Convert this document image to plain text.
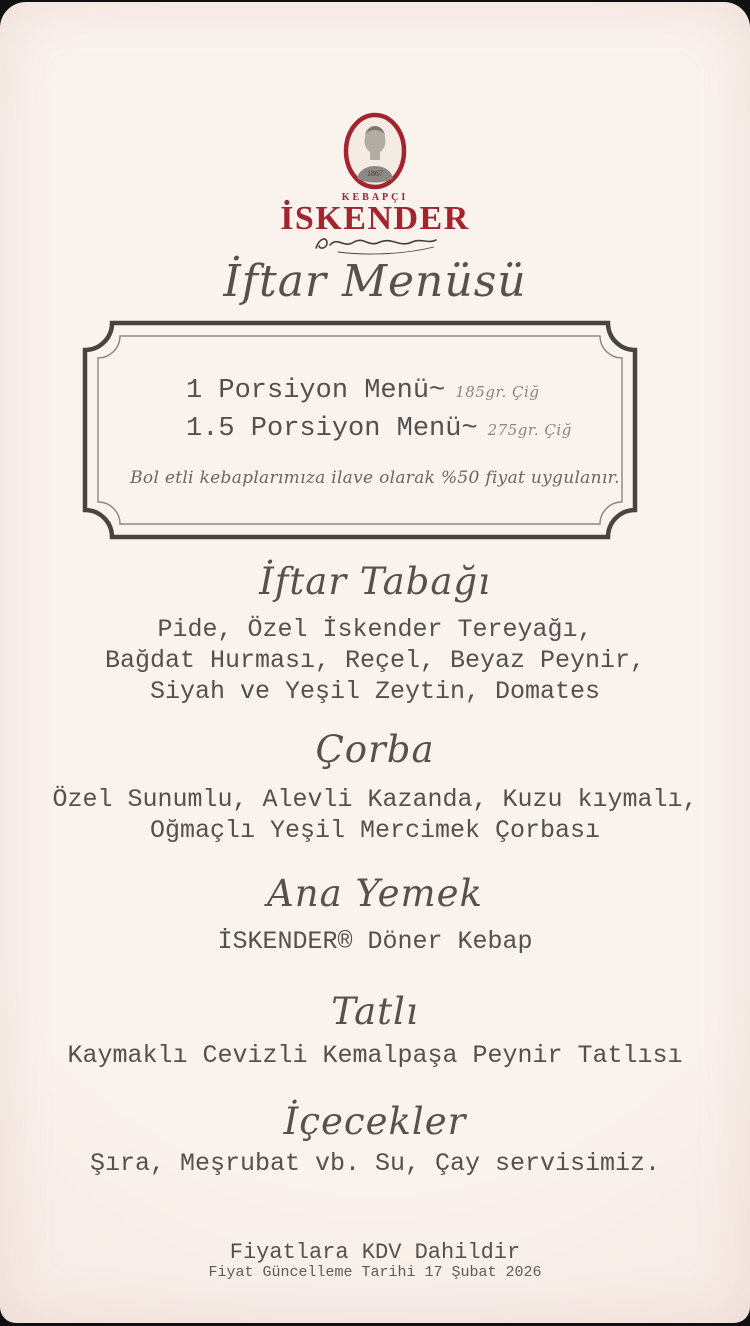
1867
KEBAPÇI
İSKENDER
İftar Menüsü
1 Porsiyon Menü~ 185gr. Çiğ
1.5 Porsiyon Menü~ 275gr. Çiğ
Bol etli kebaplarımıza ilave olarak %50 fiyat uygulanır.
İftar Tabağı
Pide, Özel İskender Tereyağı,
Bağdat Hurması, Reçel, Beyaz Peynir,
Siyah ve Yeşil Zeytin, Domates
Çorba
Özel Sunumlu, Alevli Kazanda, Kuzu kıymalı,
Oğmaçlı Yeşil Mercimek Çorbası
Ana Yemek
İSKENDER® Döner Kebap
Tatlı
Kaymaklı Cevizli Kemalpaşa Peynir Tatlısı
İçecekler
Şıra, Meşrubat vb. Su, Çay servisimiz.
Fiyatlara KDV Dahildir
Fiyat Güncelleme Tarihi 17 Şubat 2026
